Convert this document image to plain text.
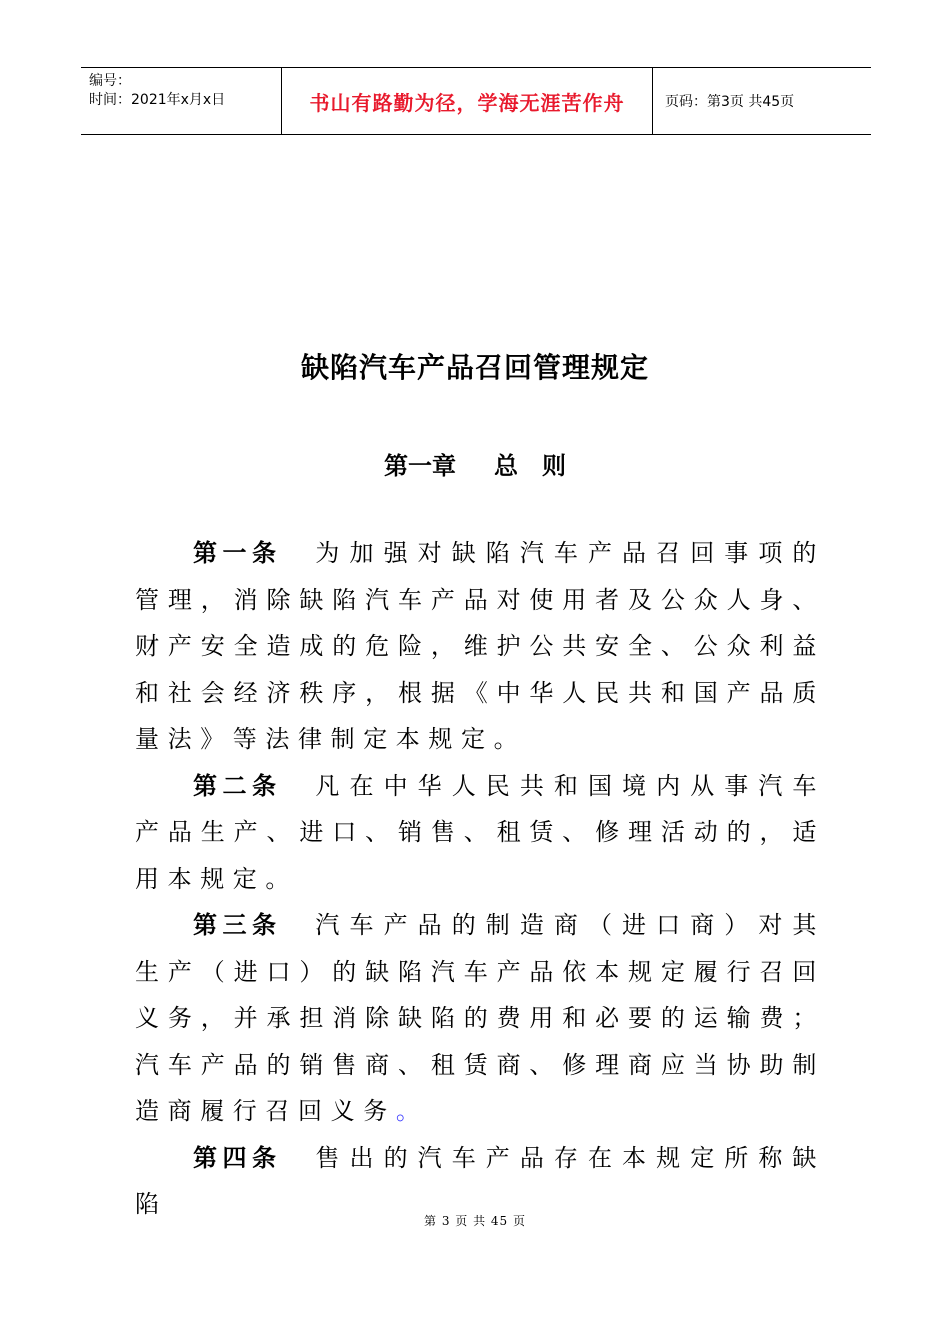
编号：
时间：2021年x月x日	书山有路勤为径，学海无涯苦作舟	页码：第3页 共45页
缺陷汽车产品召回管理规定
第一章 总　则

第一条 为加强对缺陷汽车产品召回事项的管理，消除缺陷汽车产品对使用者及公众人身、财产安全造成的危险，维护公共安全、公众利益和社会经济秩序，根据《中华人民共和国产品质量法》等法律制定本规定。

第二条 凡在中华人民共和国境内从事汽车产品生产、进口、销售、租赁、修理活动的，适用本规定。

第三条 汽车产品的制造商（进口商）对其生产（进口）的缺陷汽车产品依本规定履行召回义务，并承担消除缺陷的费用和必要的运输费；汽车产品的销售商、租赁商、修理商应当协助制造商履行召回义务。

第四条 售出的汽车产品存在本规定所称缺陷

第 3 页 共 45 页
